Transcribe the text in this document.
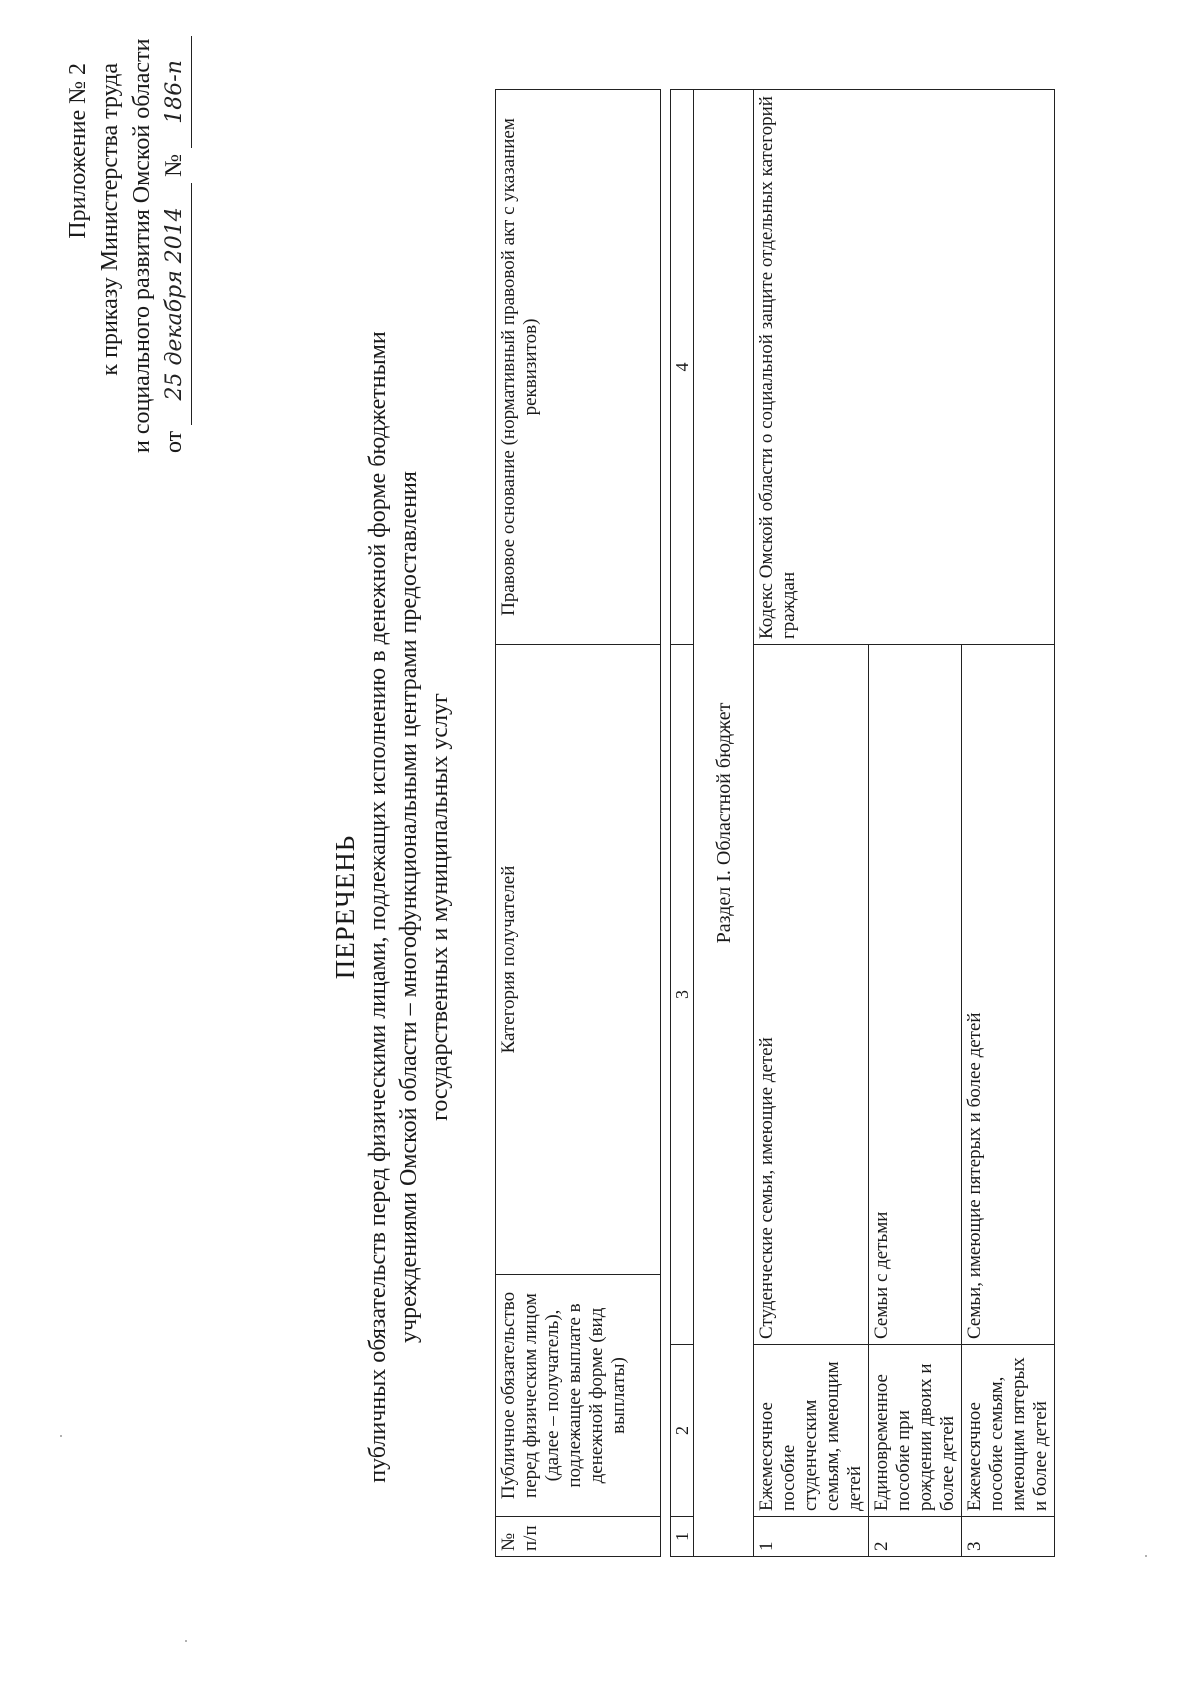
Приложение № 2 к приказу Министерства труда и социального развития Омской области от 25 декабря 2014 № 186-п
ПЕРЕЧЕНЬ публичных обязательств перед физическими лицами, подлежащих исполнению в денежной форме бюджетными учреждениями Омской области – многофункциональными центрами предоставления государственных и муниципальных услуг
№ п/п	Публичное обязательство перед физическим лицом (далее – получатель), подлежащее выплате в денежной форме (вид выплаты)	Категория получателей	Правовое основание (нормативный правовой акт с указанием реквизитов)
1	2	3	4
Раздел I. Областной бюджет			
1	Ежемесячное пособие студенческим семьям, имеющим детей	Студенческие семьи, имеющие детей	Кодекс Омской области о социальной защите отдельных категорий граждан
2	Единовременное пособие при рождении двоих и более детей	Семьи с детьми	
3	Ежемесячное пособие семьям, имеющим пятерых и более детей	Семьи, имеющие пятерых и более детей	
